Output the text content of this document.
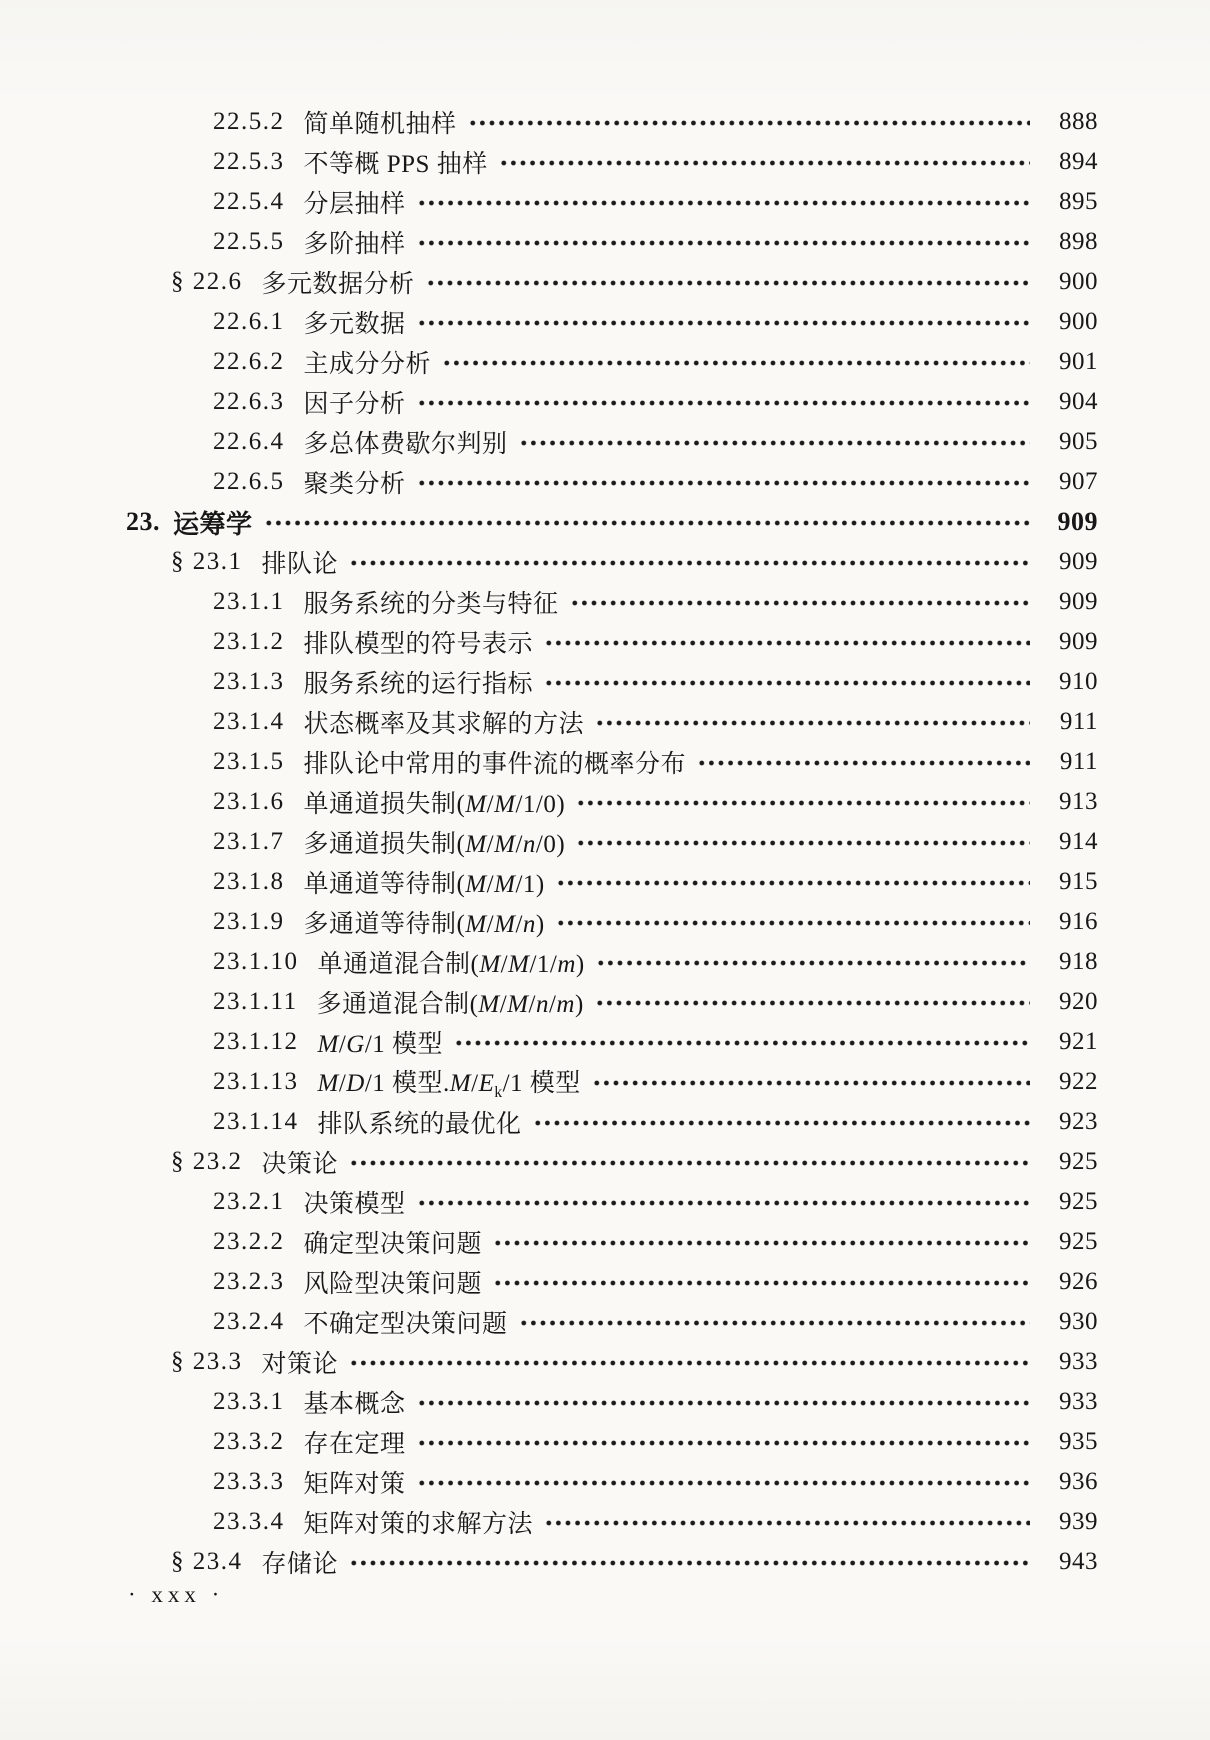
22.5.2 简单随机抽样	888
22.5.3 不等概 PPS 抽样	894
22.5.4 分层抽样	895
22.5.5 多阶抽样	898
§ 22.6 多元数据分析	900
22.6.1 多元数据	900
22.6.2 主成分分析	901
22.6.3 因子分析	904
22.6.4 多总体费歇尔判别	905
22.6.5 聚类分析	907
23. 运筹学	909
§ 23.1 排队论	909
23.1.1 服务系统的分类与特征	909
23.1.2 排队模型的符号表示	909
23.1.3 服务系统的运行指标	910
23.1.4 状态概率及其求解的方法	911
23.1.5 排队论中常用的事件流的概率分布	911
23.1.6 单通道损失制(M/M/1/0)	913
23.1.7 多通道损失制(M/M/n/0)	914
23.1.8 单通道等待制(M/M/1)	915
23.1.9 多通道等待制(M/M/n)	916
23.1.10 单通道混合制(M/M/1/m)	918
23.1.11 多通道混合制(M/M/n/m)	920
23.1.12 M/G/1 模型	921
23.1.13 M/D/1 模型$.M/E_k/1$ 模型	922
23.1.14 排队系统的最优化	923
§ 23.2 决策论	925
23.2.1 决策模型	925
23.2.2 确定型决策问题	925
23.2.3 风险型决策问题	926
23.2.4 不确定型决策问题	930
§ 23.3 对策论	933
23.3.1 基本概念	933
23.3.2 存在定理	935
23.3.3 矩阵对策	936
23.3.4 矩阵对策的求解方法	939
§ 23.4 存储论	943
· xxx ·
